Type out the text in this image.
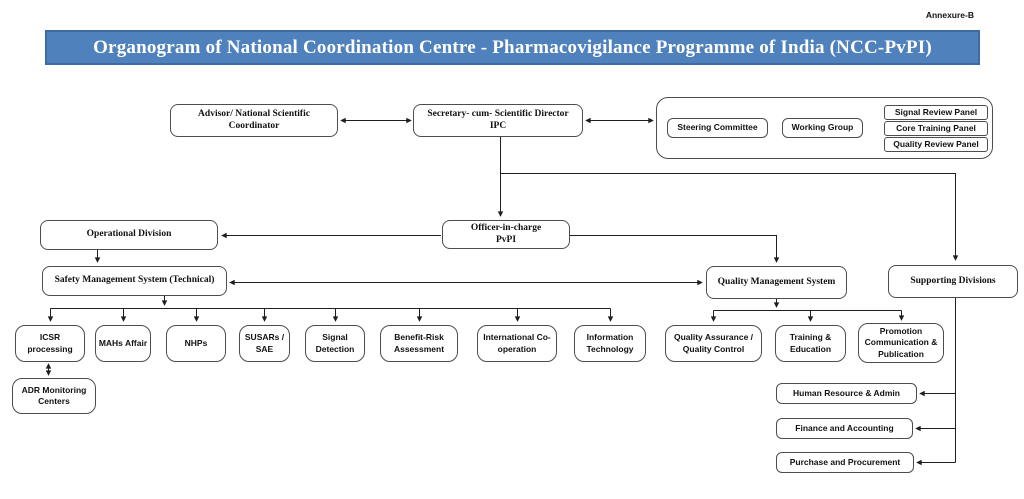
Annexure-B
Organogram of National Coordination Centre - Pharmacovigilance Programme of India (NCC-PvPI)
Advisor/ National Scientific Coordinator
Secretary- cum- Scientific Director
IPC	Steering Committee	Working Group
Signal Review Panel
Core Training Panel
Quality Review Panel
Operational Division
Officer-in-charge
PvPI
Safety Management System (Technical)	Quality Management System	Supporting Divisions
ICSR processing
MAHs Affair	NHPs
SUSARs / SAE
Signal Detection
Benefit-Risk Assessment
International Co-operation
Information Technology
Quality Assurance / Quality Control
Training & Education
Promotion Communication & Publication
ADR Monitoring Centers
Human Resource & Admin
Finance and Accounting
Purchase and Procurement
